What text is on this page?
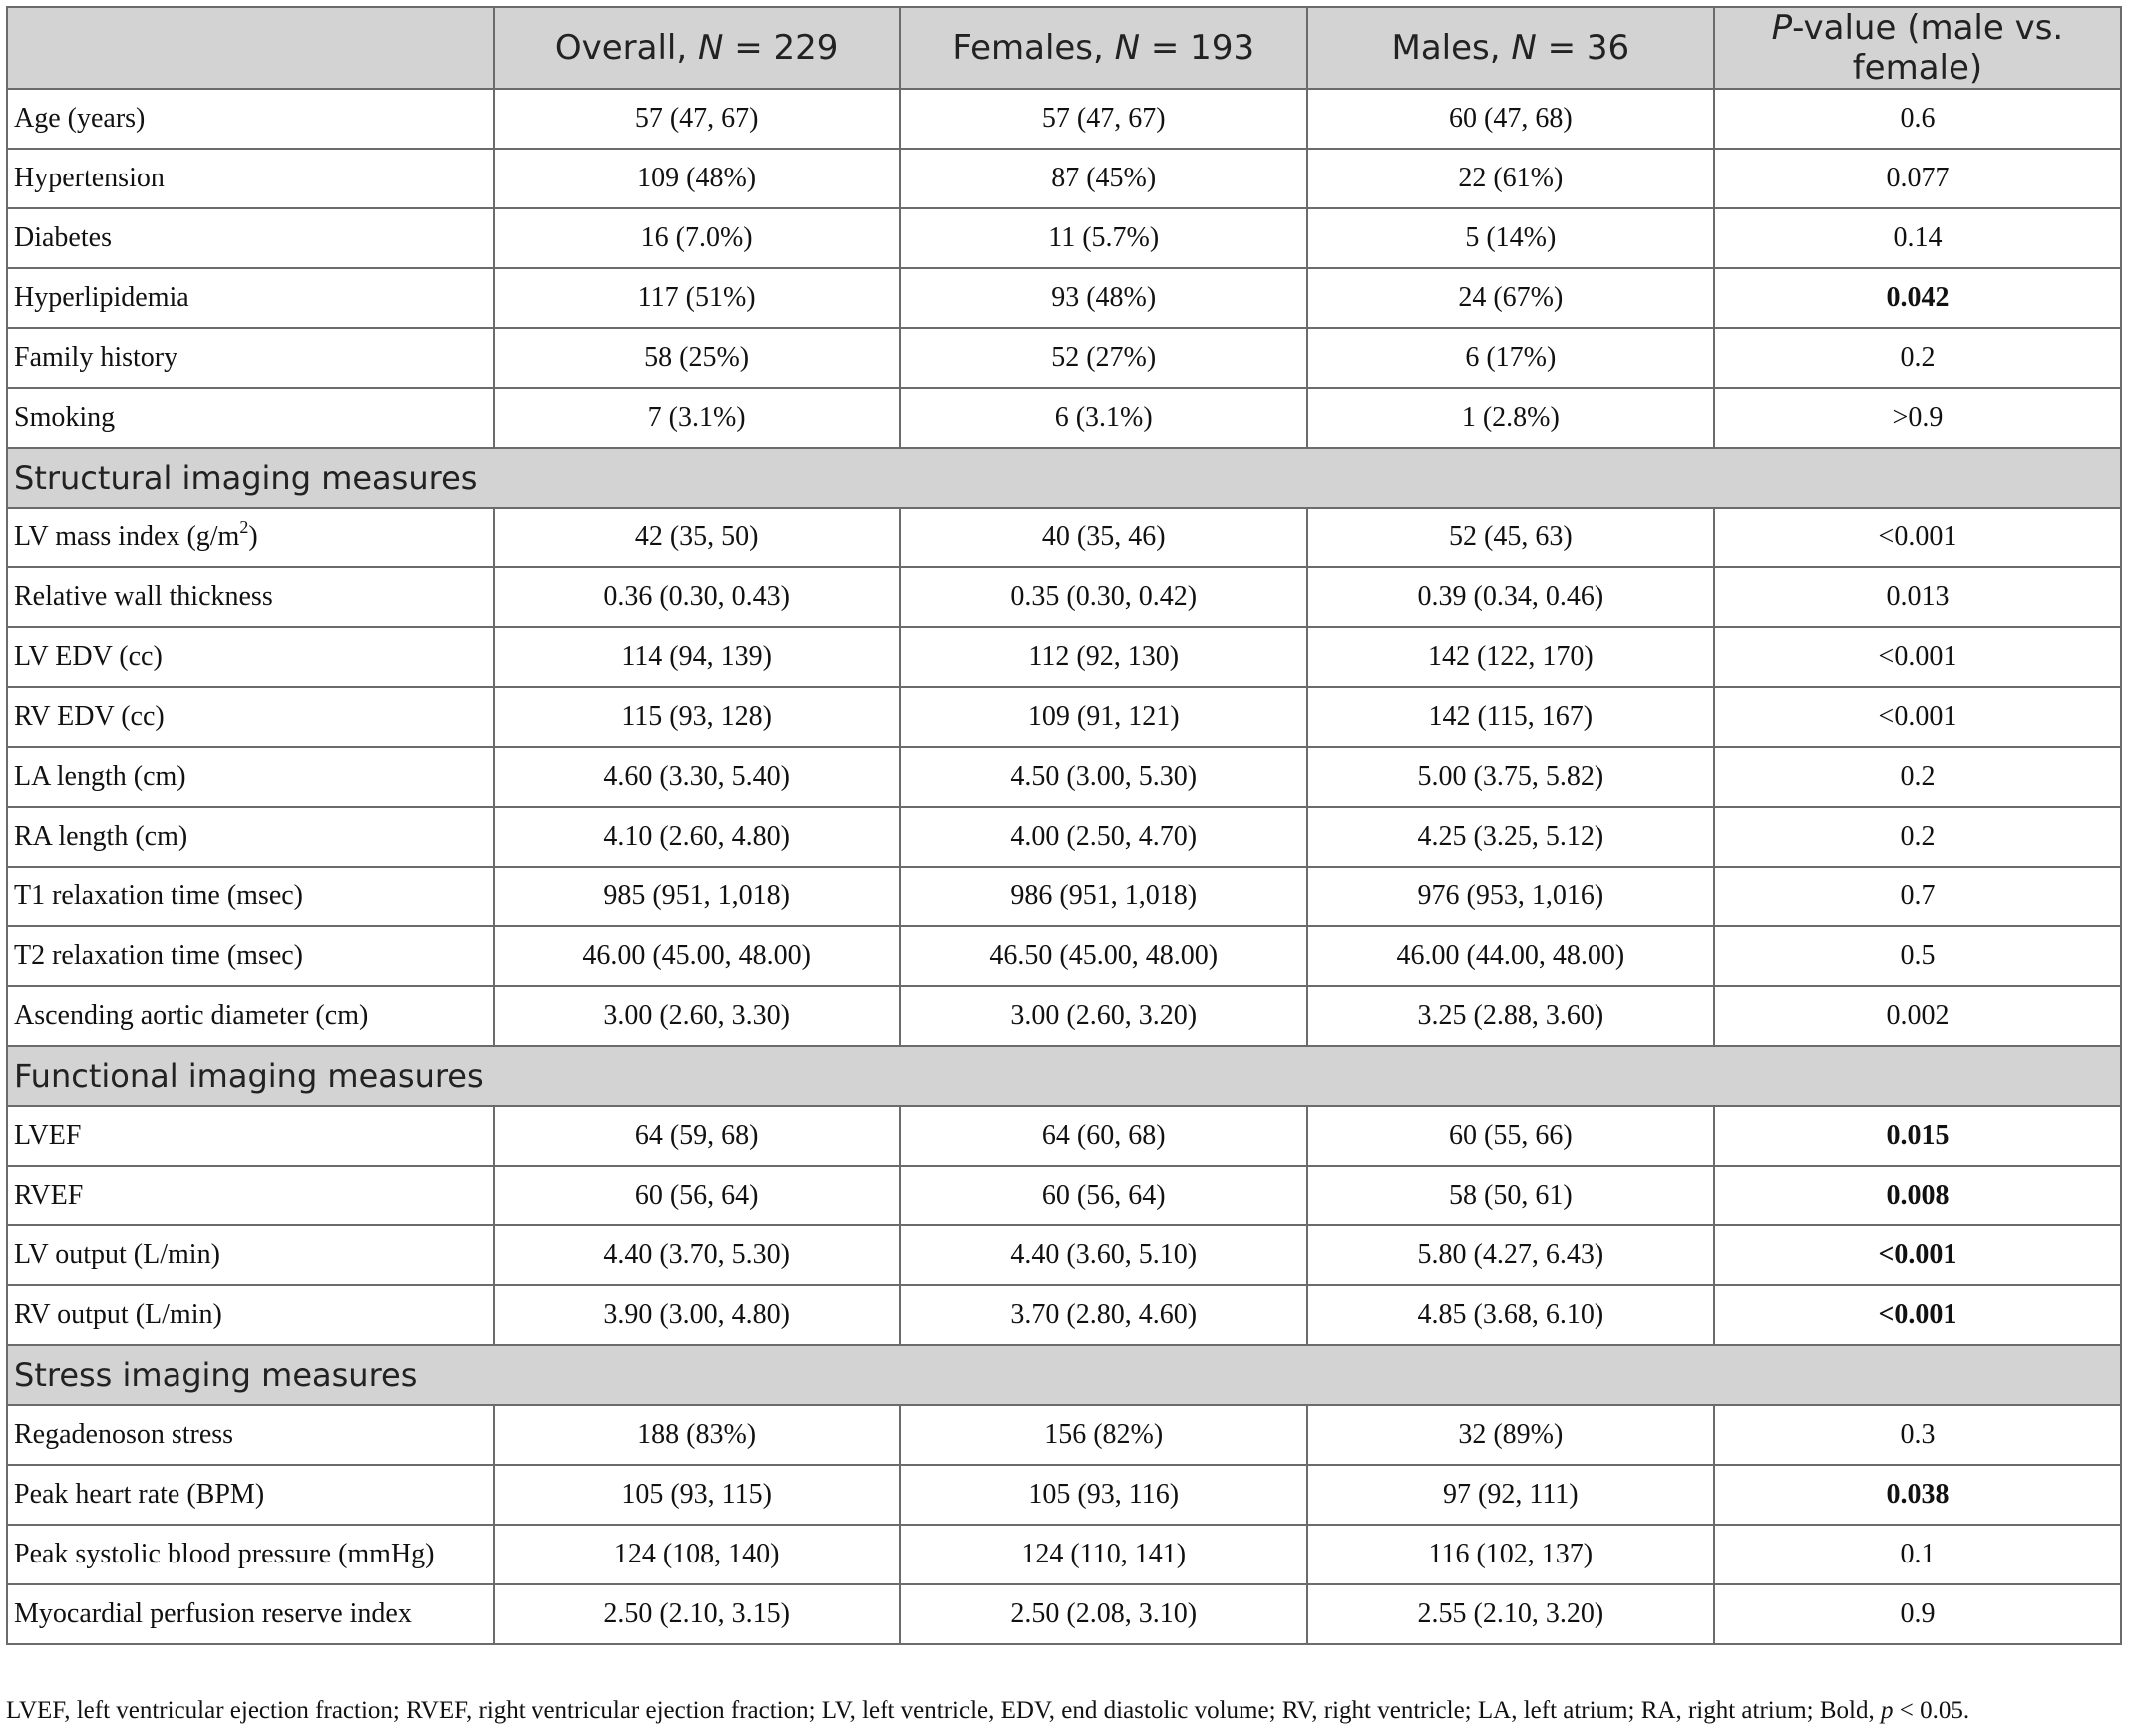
	Overall, N = 229	Females, N = 193	Males, N = 36	P-value (male vs. female)
Age (years)	57 (47, 67)	57 (47, 67)	60 (47, 68)	0.6
Hypertension	109 (48%)	87 (45%)	22 (61%)	0.077
Diabetes	16 (7.0%)	11 (5.7%)	5 (14%)	0.14
Hyperlipidemia	117 (51%)	93 (48%)	24 (67%)	0.042
Family history	58 (25%)	52 (27%)	6 (17%)	0.2
Smoking	7 (3.1%)	6 (3.1%)	1 (2.8%)	>0.9
Structural imaging measures				
LV mass index $(g/m^2)$	42 (35, 50)	40 (35, 46)	52 (45, 63)	<0.001
Relative wall thickness	0.36 (0.30, 0.43)	0.35 (0.30, 0.42)	0.39 (0.34, 0.46)	0.013
LV EDV (cc)	114 (94, 139)	112 (92, 130)	142 (122, 170)	<0.001
RV EDV (cc)	115 (93, 128)	109 (91, 121)	142 (115, 167)	<0.001
LA length (cm)	4.60 (3.30, 5.40)	4.50 (3.00, 5.30)	5.00 (3.75, 5.82)	0.2
RA length (cm)	4.10 (2.60, 4.80)	4.00 (2.50, 4.70)	4.25 (3.25, 5.12)	0.2
T1 relaxation time (msec)	985 (951, 1,018)	986 (951, 1,018)	976 (953, 1,016)	0.7
T2 relaxation time (msec)	46.00 (45.00, 48.00)	46.50 (45.00, 48.00)	46.00 (44.00, 48.00)	0.5
Ascending aortic diameter (cm)	3.00 (2.60, 3.30)	3.00 (2.60, 3.20)	3.25 (2.88, 3.60)	0.002
Functional imaging measures				
LVEF	64 (59, 68)	64 (60, 68)	60 (55, 66)	0.015
RVEF	60 (56, 64)	60 (56, 64)	58 (50, 61)	0.008
LV output (L/min)	4.40 (3.70, 5.30)	4.40 (3.60, 5.10)	5.80 (4.27, 6.43)	<0.001
RV output (L/min)	3.90 (3.00, 4.80)	3.70 (2.80, 4.60)	4.85 (3.68, 6.10)	<0.001
Stress imaging measures				
Regadenoson stress	188 (83%)	156 (82%)	32 (89%)	0.3
Peak heart rate (BPM)	105 (93, 115)	105 (93, 116)	97 (92, 111)	0.038
Peak systolic blood pressure (mmHg)	124 (108, 140)	124 (110, 141)	116 (102, 137)	0.1
Myocardial perfusion reserve index	2.50 (2.10, 3.15)	2.50 (2.08, 3.10)	2.55 (2.10, 3.20)	0.9
LVEF, left ventricular ejection fraction; RVEF, right ventricular ejection fraction; LV, left ventricle, EDV, end diastolic volume; RV, right ventricle; LA, left atrium; RA, right atrium; Bold, p < 0.05.
